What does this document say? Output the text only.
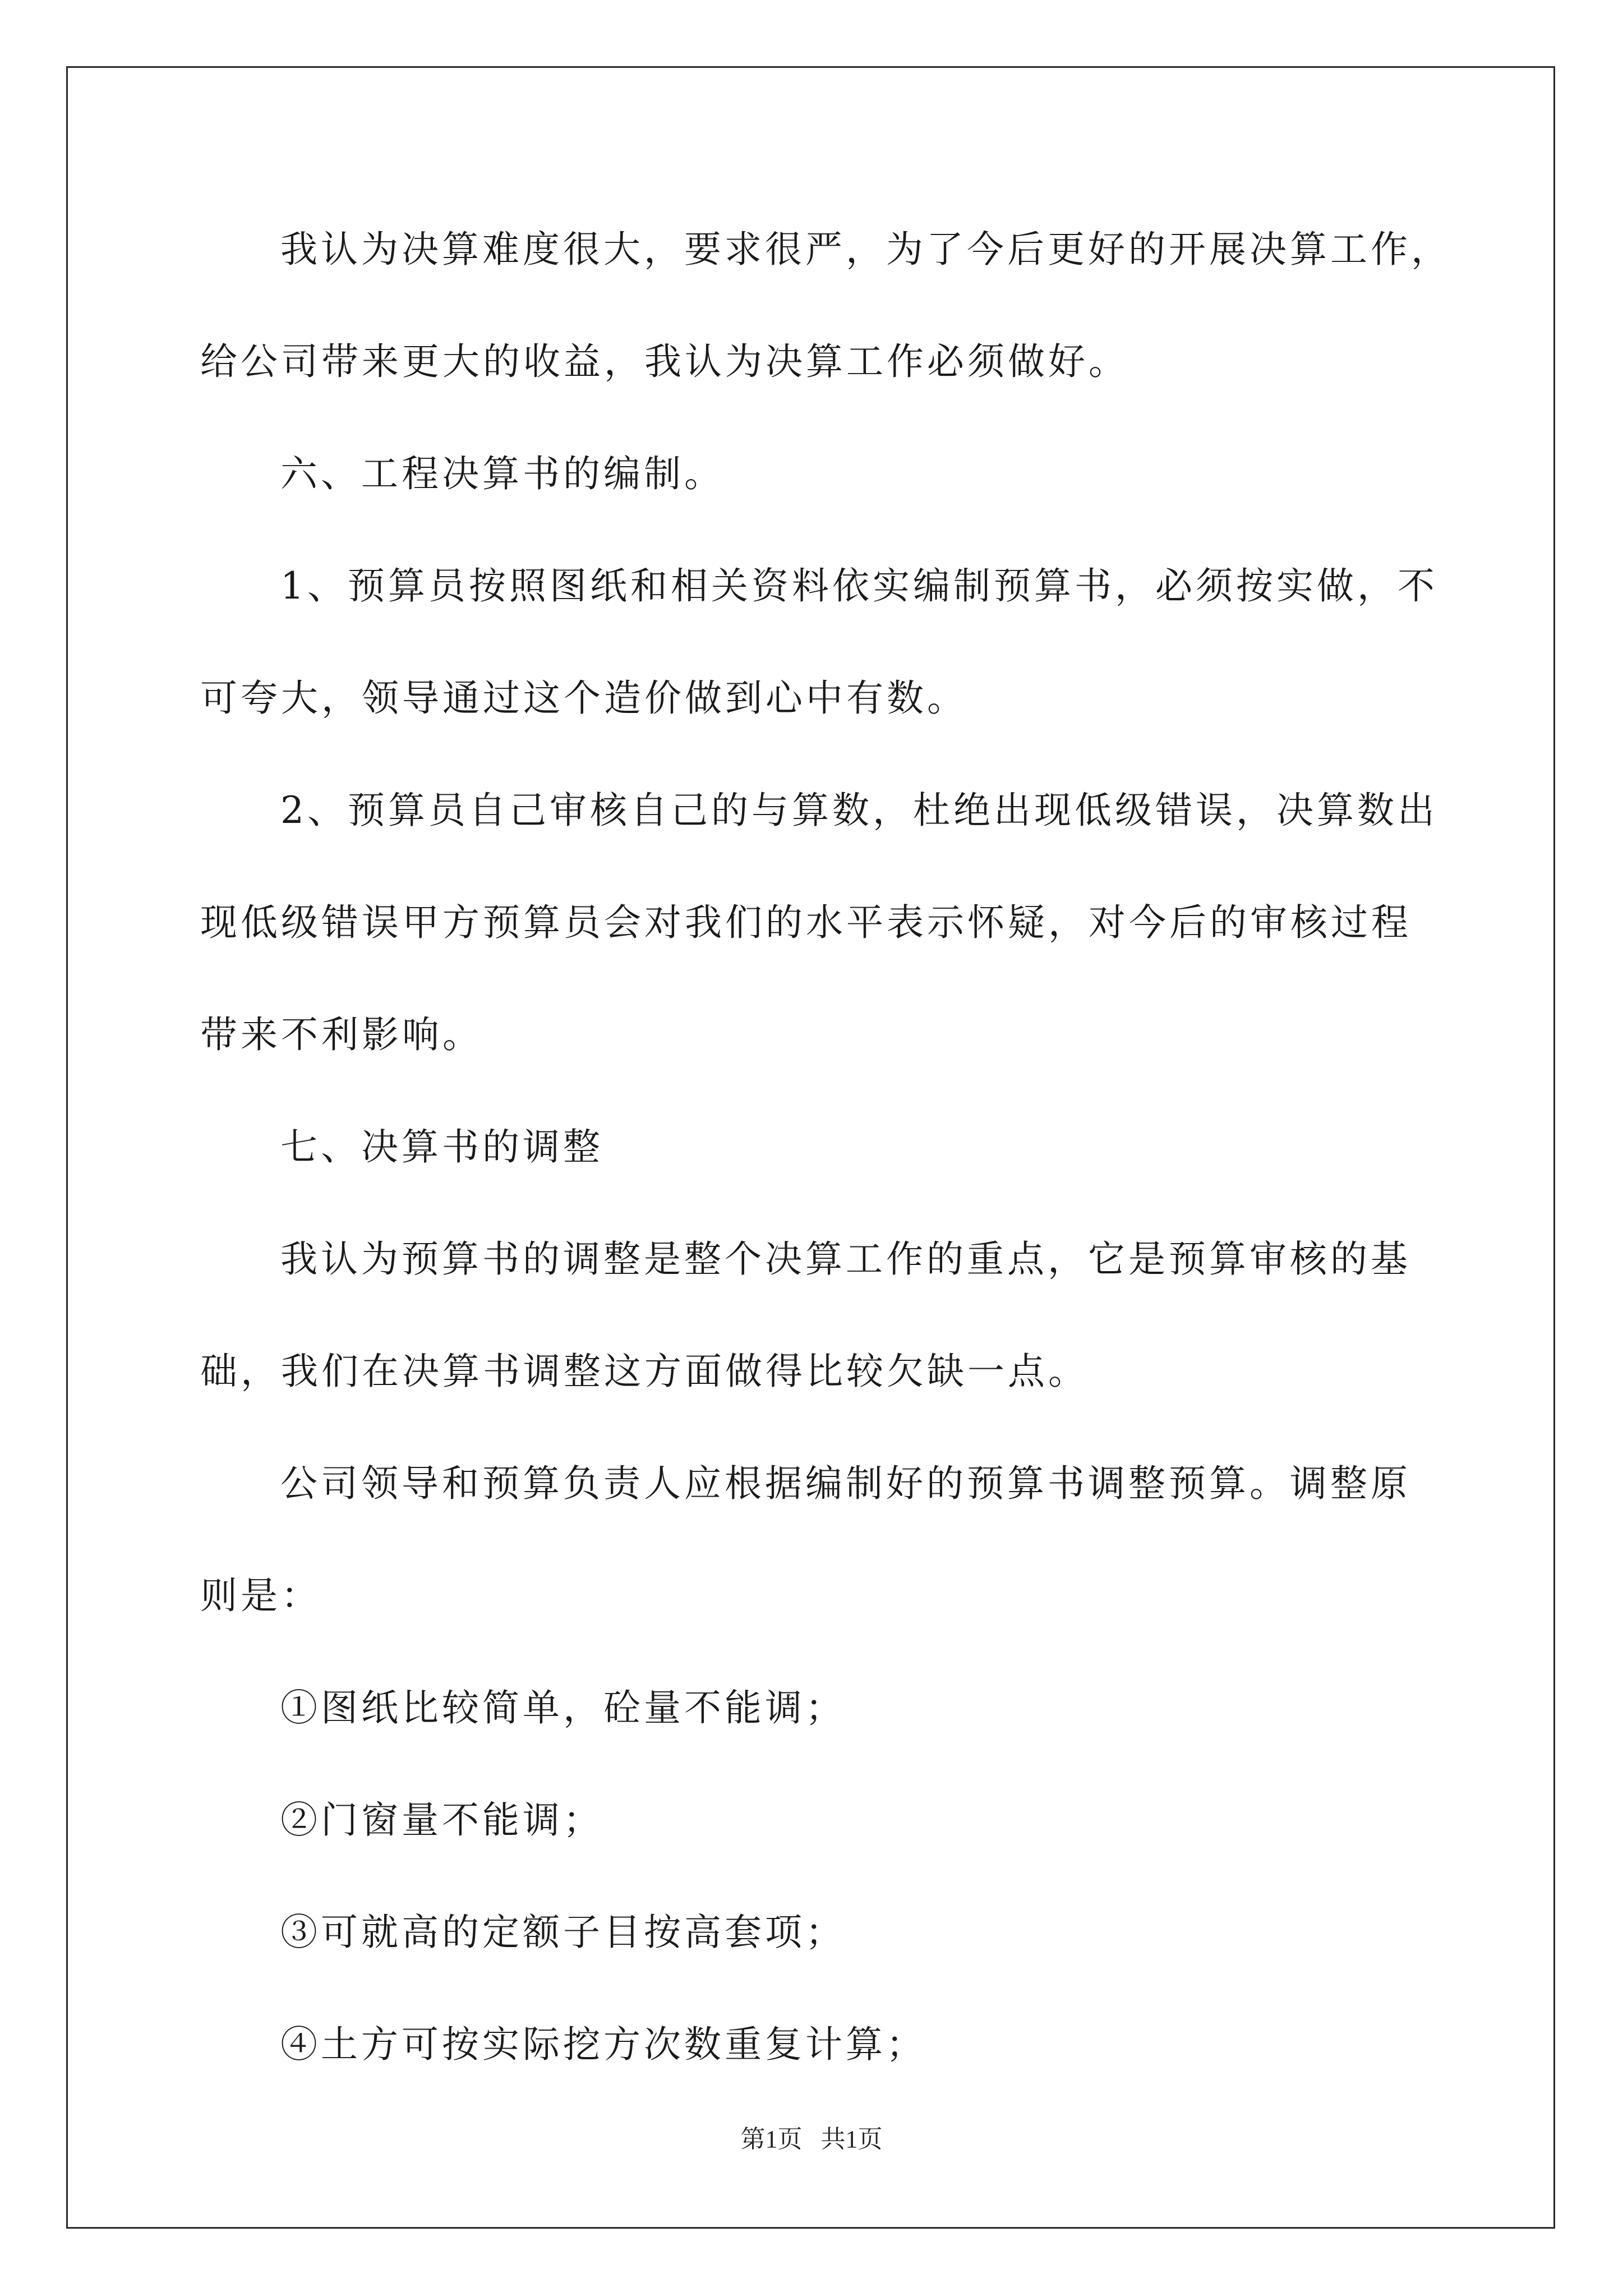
我认为决算难度很大，要求很严，为了今后更好的开展决算工作，
给公司带来更大的收益，我认为决算工作必须做好。
六、工程决算书的编制。
1、预算员按照图纸和相关资料依实编制预算书，必须按实做，不
可夸大，领导通过这个造价做到心中有数。
2、预算员自己审核自己的与算数，杜绝出现低级错误，决算数出
现低级错误甲方预算员会对我们的水平表示怀疑，对今后的审核过程
带来不利影响。
七、决算书的调整
我认为预算书的调整是整个决算工作的重点，它是预算审核的基
础，我们在决算书调整这方面做得比较欠缺一点。
公司领导和预算负责人应根据编制好的预算书调整预算。调整原
则是：
①图纸比较简单，砼量不能调；
②门窗量不能调；
③可就高的定额子目按高套项；
④土方可按实际挖方次数重复计算；
第1页   共1页
